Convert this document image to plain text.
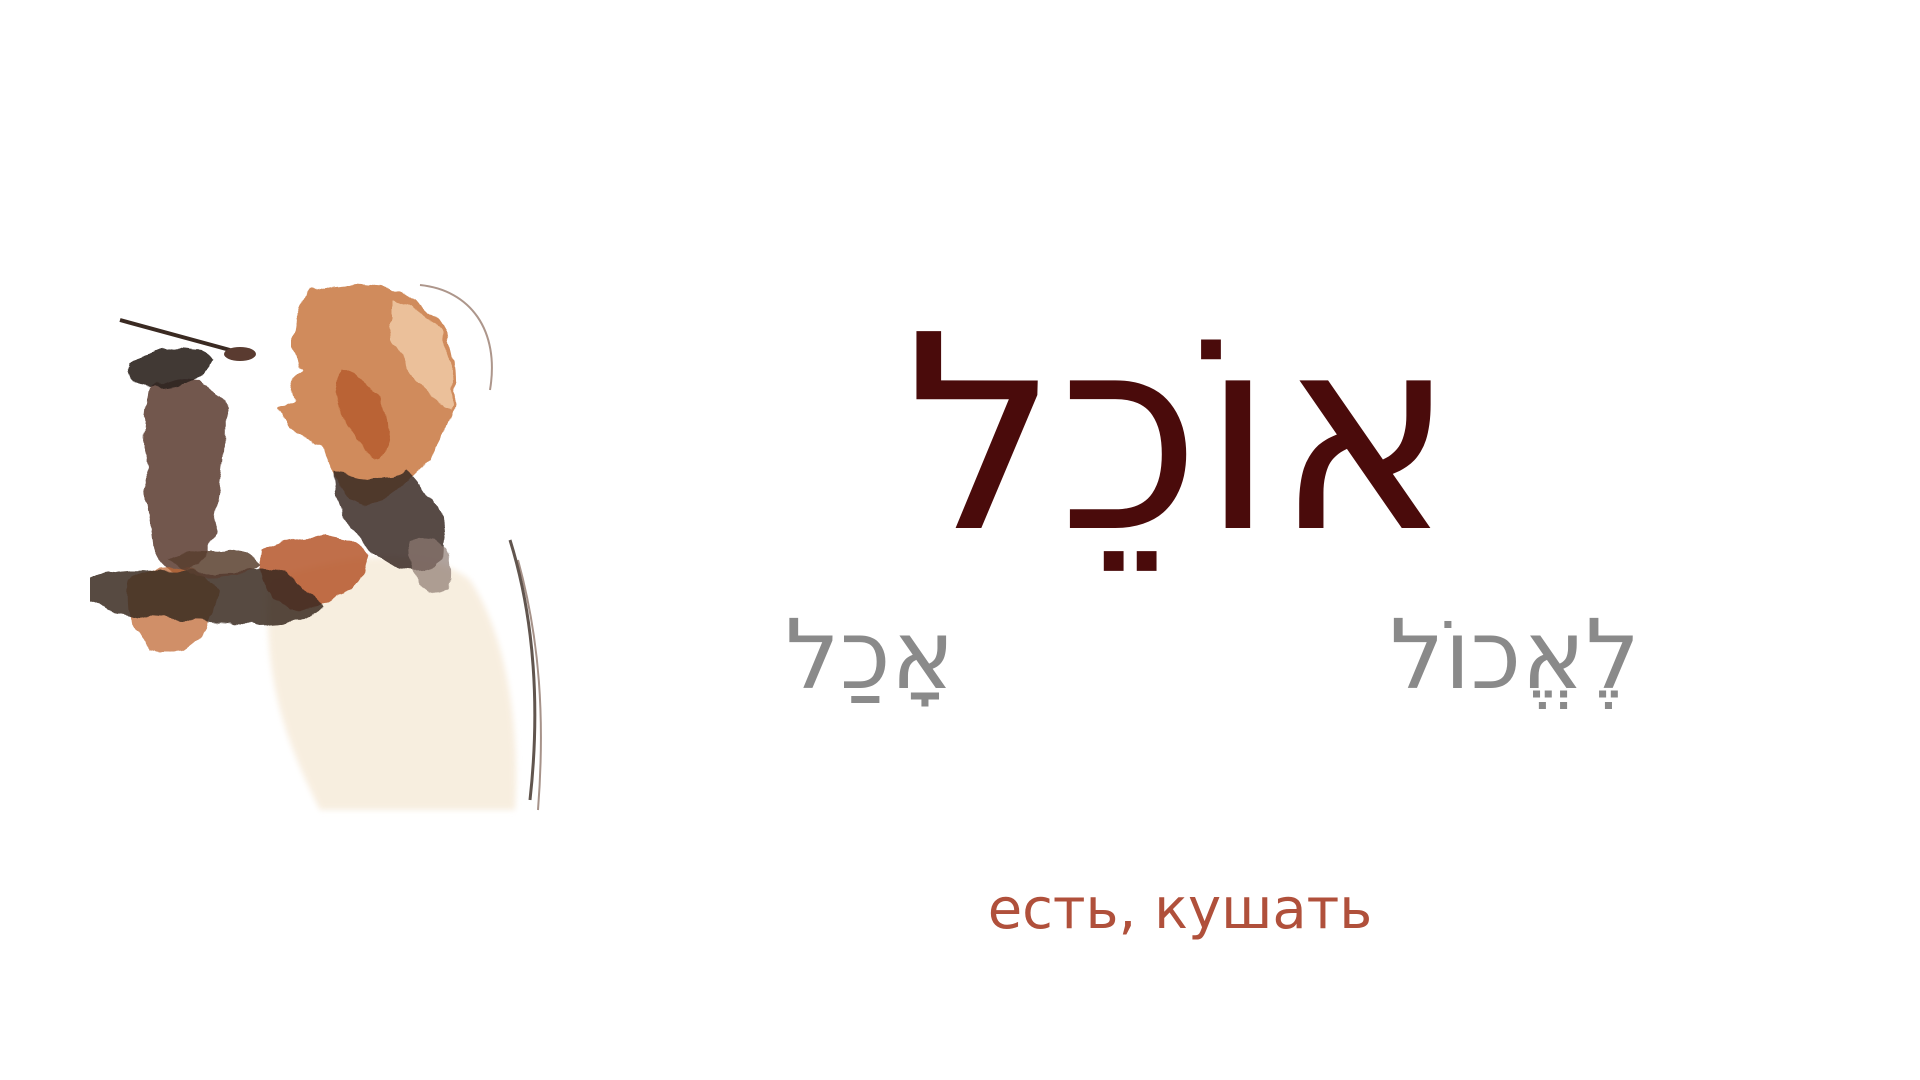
אוכל
אָכַל	לֶאֱכוֹל
есть, кушать
